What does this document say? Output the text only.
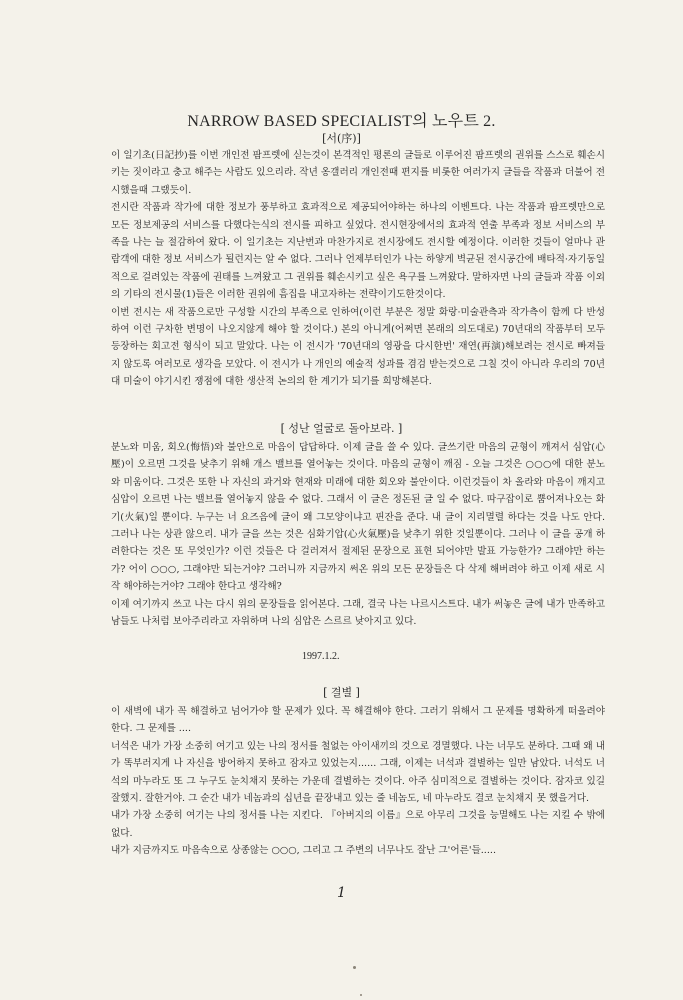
NARROW BASED SPECIALIST의 노우트 2.
[서(序)]

이 일기초(日記抄)를 이번 개인전 팜프렛에 싣는것이 본격적인 평론의 글들로 이루어진 팜프렛의 권위를 스스로 훼손시키는 짓이라고 충고 해주는 사람도 있으리라. 작년 옹갤러리 개인전때 편지를 비롯한 여러가지 글들을 작품과 더불어 전시했을때 그랬듯이.

전시란 작품과 작가에 대한 정보가 풍부하고 효과적으로 제공되어야하는 하나의 이벤트다. 나는 작품과 팜프렛만으로 모든 정보제공의 서비스를 다했다는식의 전시를 피하고 싶었다. 전시현장에서의 효과적 연출 부족과 정보 서비스의 부족을 나는 늘 절감하여 왔다. 이 일기초는 지난번과 마찬가지로 전시장에도 전시할 예정이다. 이러한 것들이 얼마나 관람객에 대한 정보 서비스가 될런지는 알 수 없다. 그러나 언제부터인가 나는 하얗게 벽균된 전시공간에 배타적·자기동일적으로 걸려있는 작품에 권태를 느껴왔고 그 권위를 훼손시키고 싶은 욕구를 느껴왔다. 말하자면 나의 글들과 작품 이외의 기타의 전시물(1)들은 이러한 권위에 흠집을 내고자하는 전략이기도한것이다.

이번 전시는 새 작품으로만 구성할 시간의 부족으로 인하여(이런 부분은 정말 화랑·미술관측과 작가측이 함께 다 반성하여 이런 구차한 변명이 나오지않게 해야 할 것이다.) 본의 아니게(어쩌면 본래의 의도대로) 70년대의 작품부터 모두 등장하는 회고전 형식이 되고 말았다. 나는 이 전시가 '70년대의 영광을 다시한번' 재연(再演)해보려는 전시로 빠져들지 않도록 여러모로 생각을 모았다. 이 전시가 나 개인의 예술적 성과를 겸검 받는것으로 그칠 것이 아니라 우리의 70년대 미술이 야기시킨 쟁점에 대한 생산적 논의의 한 계기가 되기를 희망해본다.

[ 성난 얼굴로 돌아보라. ]

분노와 미움, 회오(悔悟)와 불안으로 마음이 답답하다. 이제 글을 쓸 수 있다. 글쓰기란 마음의 균형이 깨져서 심압(心壓)이 오르면 그것을 낮추기 위해 개스 밸브를 열어놓는 것이다. 마음의 균형이 깨짐 - 오늘 그것은 ○○○에 대한 분노와 미움이다. 그것은 또한 나 자신의 과거와 현재와 미래에 대한 회오와 불안이다. 이런것들이 차 올라와 마음이 깨지고 심압이 오르면 나는 밸브를 열어놓지 않을 수 없다. 그래서 이 글은 정돈된 글 일 수 없다. 따구잡이로 뿜어져나오는 화기(火氣)일 뿐이다. 누구는 너 요즈음에 글이 왜 그모양이냐고 핀잔을 준다. 내 글이 지리멸렬 하다는 것을 나도 안다. 그러나 나는 상관 않으리. 내가 글을 쓰는 것은 심화기압(心火氣壓)을 낮추기 위한 것일뿐이다. 그러나 이 글을 공개 하려한다는 것은 또 무엇인가? 이런 것들은 다 걸러져서 절제된 문장으로 표현 되어야만 발표 가능한가? 그래야만 하는가? 어이 ○○○, 그래야만 되는거야? 그러니까 지금까지 써온 위의 모든 문장들은 다 삭제 해버려야 하고 이제 새로 시작 해야하는거야? 그래야 한다고 생각해?

이제 여기까지 쓰고 나는 다시 위의 문장들을 읽어본다. 그래, 결국 나는 나르시스트다. 내가 써놓은 글에 내가 만족하고 남들도 나처럼 보아주리라고 자위하며 나의 심압은 스르르 낮아지고 있다.

1997.1.2.
[ 결별 ]

이 새벽에 내가 꼭 해결하고 넘어가야 할 문제가 있다. 꼭 해결해야 한다. 그러기 위해서 그 문제를 명확하게 떠올려야 한다. 그 문제를 ....

너석은 내가 가장 소중히 여기고 있는 나의 정서를 철없는 아이새끼의 것으로 경멸했다. 나는 너무도 분하다. 그때 왜 내가 똑부러지게 나 자신을 방어하지 못하고 잠자고 있었는지...... 그래, 이제는 너석과 결별하는 일만 남았다. 너석도 너석의 마누라도 또 그 누구도 눈치채지 못하는 가운데 결별하는 것이다. 아주 심미적으로 결별하는 것이다. 잠자코 있길 잘했지. 잘한거야. 그 순간 내가 네놈과의 십년을 끝장내고 있는 줄 네놈도, 네 마누라도 결코 눈치채지 못 했을거다.

내가 가장 소중히 여기는 나의 정서를 나는 지킨다. 『아버지의 이름』으로 아무리 그것을 능멸해도 나는 지킬 수 밖에 없다.

내가 지금까지도 마음속으로 상종않는 ○○○, 그리고 그 주변의 너무나도 잘난 그'어른'들.....

1
